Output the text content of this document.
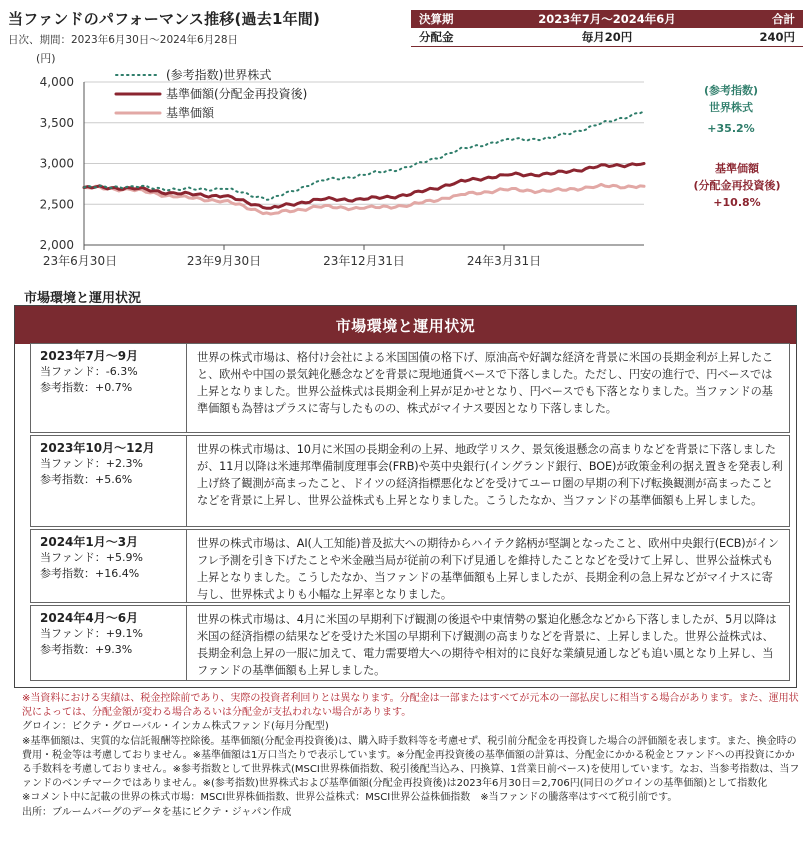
当ファンドのパフォーマンス推移(過去1年間)
日次、期間：2023年6月30日～2024年6月28日
(円)
決算期	2023年7月～2024年6月	合計
分配金	毎月20円	240円
4,000
3,500
3,000
2,500
2,000
23年6月30日	23年9月30日	23年12月31日	24年3月31日
(参考指数)世界株式
基準価額(分配金再投資後)
基準価額
(参考指数)
世界株式
+35.2%
基準価額
(分配金再投資後)
+10.8%
市場環境と運用状況
市場環境と運用状況
2023年7月～9月
当ファンド：-6.3%
参考指数：+0.7%
世界の株式市場は、格付け会社による米国国債の格下げ、原油高や好調な経済を背景に米国の長期金利が上昇したこと、欧州や中国の景気鈍化懸念などを背景に現地通貨ベースで下落しました。ただし、円安の進行で、円ベースでは上昇となりました。世界公益株式は長期金利上昇が足かせとなり、円ベースでも下落となりました。当ファンドの基準価額も為替はプラスに寄与したものの、株式がマイナス要因となり下落しました。
2023年10月～12月
当ファンド：+2.3%
参考指数：+5.6%
世界の株式市場は、10月に米国の長期金利の上昇、地政学リスク、景気後退懸念の高まりなどを背景に下落しましたが、11月以降は米連邦準備制度理事会(FRB)や英中央銀行(イングランド銀行、BOE)が政策金利の据え置きを発表し利上げ終了観測が高まったこと、ドイツの経済指標悪化などを受けてユーロ圏の早期の利下げ転換観測が高まったことなどを背景に上昇し、世界公益株式も上昇となりました。こうしたなか、当ファンドの基準価額も上昇しました。
2024年1月～3月
当ファンド：+5.9%
参考指数：+16.4%
世界の株式市場は、AI(人工知能)普及拡大への期待からハイテク銘柄が堅調となったこと、欧州中央銀行(ECB)がインフレ予測を引き下げたことや米金融当局が従前の利下げ見通しを維持したことなどを受けて上昇し、世界公益株式も上昇となりました。こうしたなか、当ファンドの基準価額も上昇しましたが、長期金利の急上昇などがマイナスに寄与し、世界株式よりも小幅な上昇率となりました。
2024年4月～6月
当ファンド：+9.1%
参考指数：+9.3%
世界の株式市場は、4月に米国の早期利下げ観測の後退や中東情勢の緊迫化懸念などから下落しましたが、5月以降は米国の経済指標の結果などを受けた米国の早期利下げ観測の高まりなどを背景に、上昇しました。世界公益株式は、長期金利急上昇の一服に加えて、電力需要増大への期待や相対的に良好な業績見通しなども追い風となり上昇し、当ファンドの基準価額も上昇しました。

※当資料における実績は、税金控除前であり、実際の投資者利回りとは異なります。分配金は一部またはすべてが元本の一部払戻しに相当する場合があります。また、運用状況によっては、分配金額が変わる場合あるいは分配金が支払われない場合があります。

グロイン：ピクテ・グローバル・インカム株式ファンド(毎月分配型)

※基準価額は、実質的な信託報酬等控除後。基準価額(分配金再投資後)は、購入時手数料等を考慮せず、税引前分配金を再投資した場合の評価額を表します。また、換金時の費用・税金等は考慮しておりません。※基準価額は1万口当たりで表示しています。※分配金再投資後の基準価額の計算は、分配金にかかる税金とファンドへの再投資にかかる手数料を考慮しておりません。※参考指数として世界株式(MSCI世界株価指数、税引後配当込み、円換算、1営業日前ベース)を使用しています。なお、当参考指数は、当ファンドのベンチマークではありません。※(参考指数)世界株式および基準価額(分配金再投資後)は2023年6月30日＝2,706円(同日のグロインの基準価額)として指数化

※コメント中に記載の世界の株式市場：MSCI世界株価指数、世界公益株式：MSCI世界公益株価指数　※当ファンドの騰落率はすべて税引前です。

出所：ブルームバーグのデータを基にピクテ・ジャパン作成
